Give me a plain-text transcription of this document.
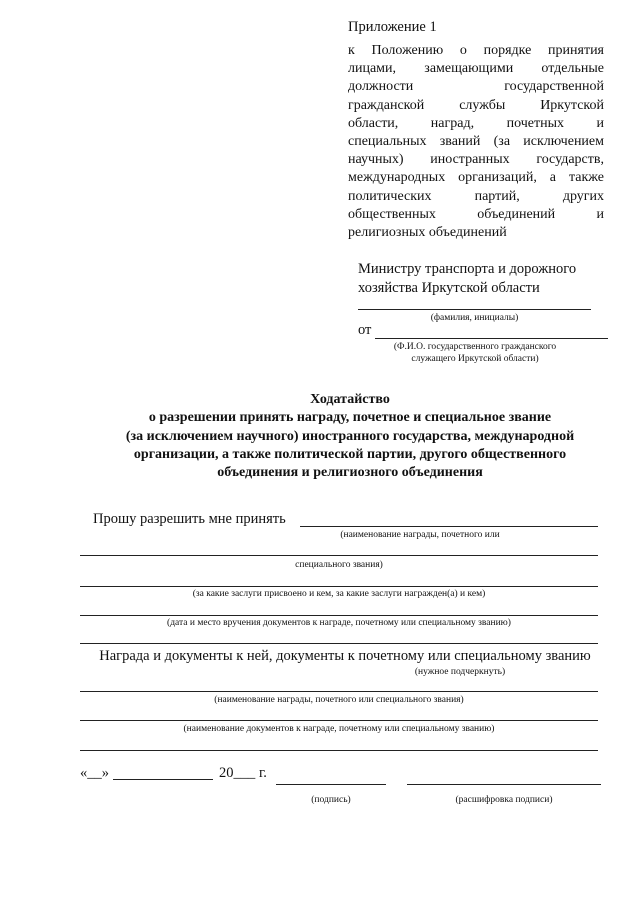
Приложение 1
к Положению о порядке принятия
лицами, замещающими отдельные
должности государственной
гражданской службы Иркутской
области, наград, почетных и
специальных званий (за исключением
научных) иностранных государств,
международных организаций, а также
политических партий, других
общественных объединений и
религиозных объединений
Министру транспорта и дорожного
хозяйства Иркутской области
(фамилия, инициалы)
от
(Ф.И.О. государственного гражданского
служащего Иркутской области)
Ходатайство
о разрешении принять награду, почетное и специальное звание
(за исключением научного) иностранного государства, международной
организации, а также политической партии, другого общественного
объединения и религиозного объединения
Прошу разрешить мне принять
(наименование награды, почетного или
специального звания)
(за какие заслуги присвоено и кем, за какие заслуги награжден(а) и кем)
(дата и место вручения документов к награде, почетному или специальному званию)
Награда и документы к ней, документы к почетному или специальному званию
(нужное подчеркнуть)
(наименование награды, почетного или специального звания)
(наименование документов к награде, почетному или специальному званию)
«__»	20___ г.
(подпись)	(расшифровка подписи)
